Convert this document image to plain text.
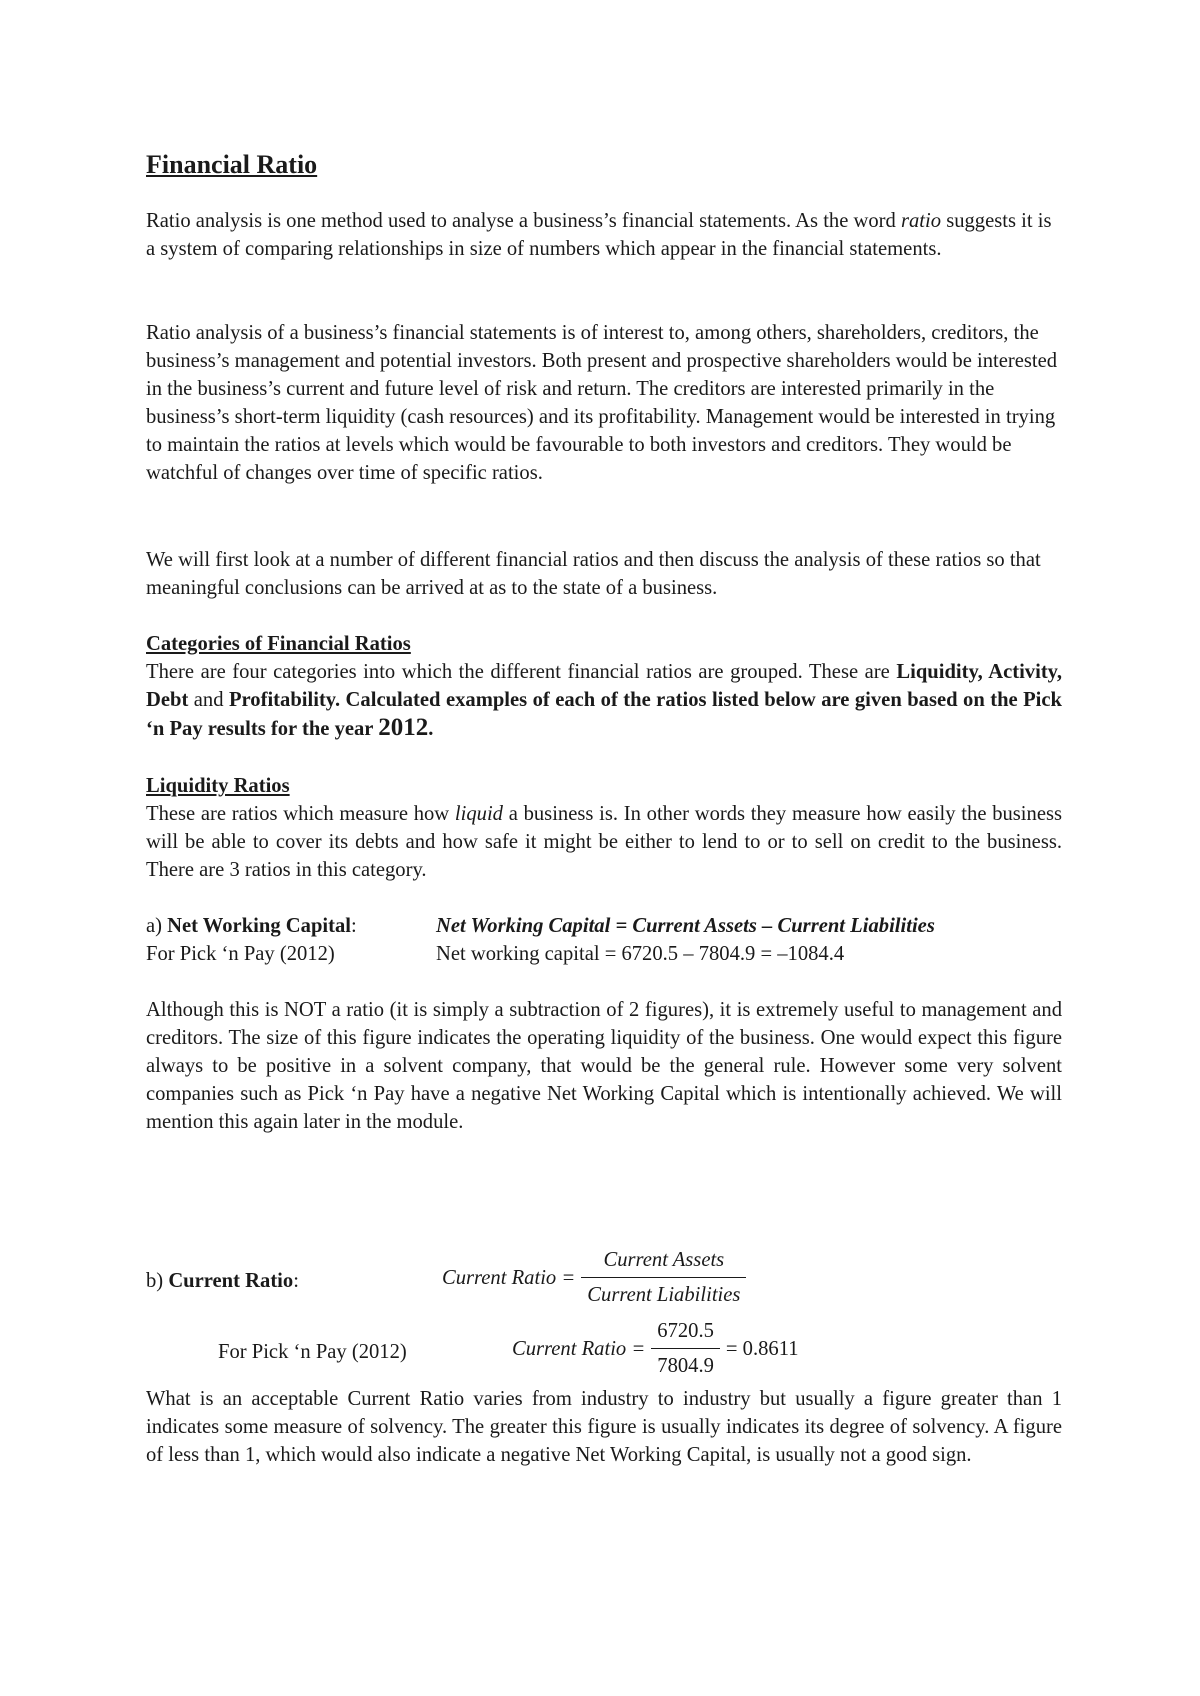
Financial Ratio

Ratio analysis is one method used to analyse a business’s financial statements. As the word ratio suggests it is a system of comparing relationships in size of numbers which appear in the financial statements.

Ratio analysis of a business’s financial statements is of interest to, among others, shareholders, creditors, the business’s management and potential investors. Both present and prospective shareholders would be interested in the business’s current and future level of risk and return. The creditors are interested primarily in the business’s short-term liquidity (cash resources) and its profitability. Management would be interested in trying to maintain the ratios at levels which would be favourable to both investors and creditors. They would be watchful of changes over time of specific ratios.

We will first look at a number of different financial ratios and then discuss the analysis of these ratios so that meaningful conclusions can be arrived at as to the state of a business.

Categories of Financial Ratios

There are four categories into which the different financial ratios are grouped. These are Liquidity, Activity, Debt and Profitability. Calculated examples of each of the ratios listed below are given based on the Pick ‘n Pay results for the year 2012.

Liquidity Ratios

These are ratios which measure how liquid a business is. In other words they measure how easily the business will be able to cover its debts and how safe it might be either to lend to or to sell on credit to the business. There are 3 ratios in this category.

a) Net Working Capital:	Net Working Capital = Current Assets – Current Liabilities
For Pick ‘n Pay (2012)	Net working capital = 6720.5 – 7804.9 = –1084.4

Although this is NOT a ratio (it is simply a subtraction of 2 figures), it is extremely useful to management and creditors. The size of this figure indicates the operating liquidity of the business. One would expect this figure always to be positive in a solvent company, that would be the general rule. However some very solvent companies such as Pick ‘n Pay have a negative Net Working Capital which is intentionally achieved. We will mention this again later in the module.

b) Current Ratio:	Current Ratio = $\frac{\text{Current Assets}}{\text{Current Liabilities}}$
For Pick ‘n Pay (2012)	Current Ratio = $\frac{6720.5}{7804.9} = 0.8611$

What is an acceptable Current Ratio varies from industry to industry but usually a figure greater than 1 indicates some measure of solvency. The greater this figure is usually indicates its degree of solvency. A figure of less than 1, which would also indicate a negative Net Working Capital, is usually not a good sign.
